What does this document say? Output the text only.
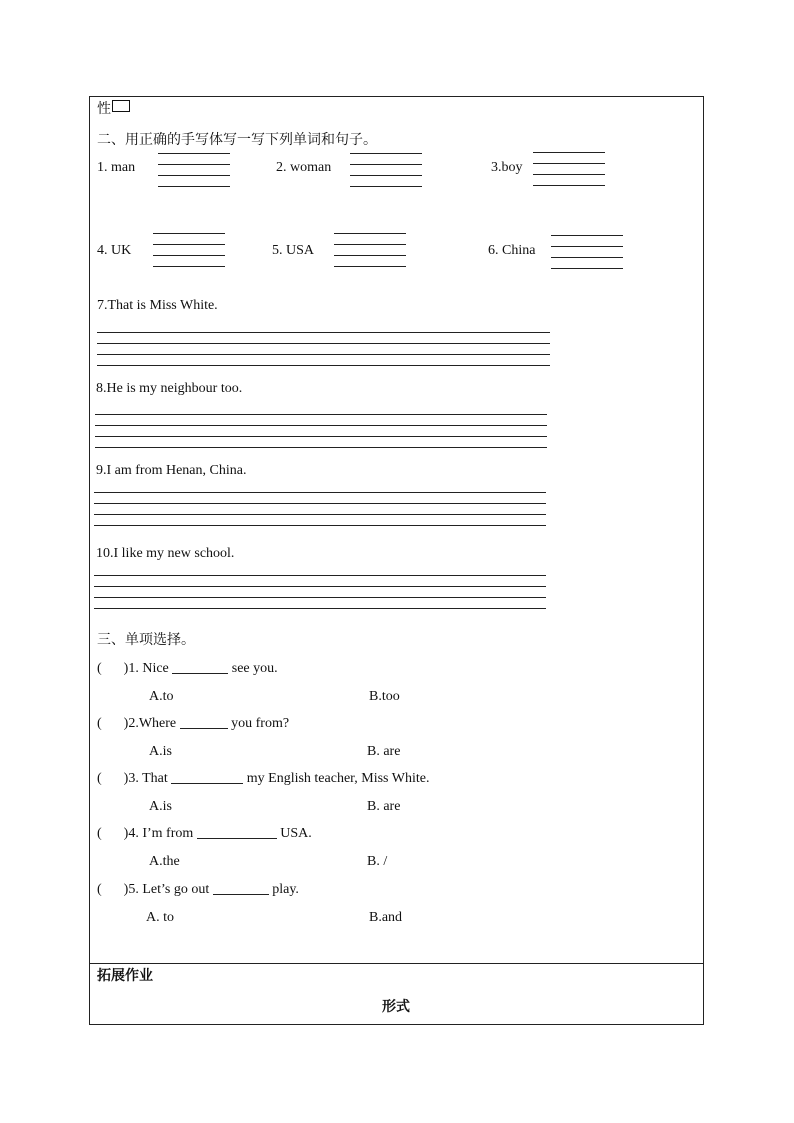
性
二、用正确的手写体写一写下列单词和句子。
1. man	2. woman	3.boy
4. UK	5. USA	6. China
7.That is Miss White.
8.He is my neighbour too.
9.I am from Henan, China.
10.I like my new school.
三、单项选择。
( )1. Nice	see you.
A.to	B.too
( )2.Where	you from?
A.is	B. are
( )3. That	my English teacher, Miss White.
A.is	B. are
( )4. I’m from	USA.
A.the	B. /
( )5. Let’s go out	play.
A. to	B.and
拓展作业
形式
